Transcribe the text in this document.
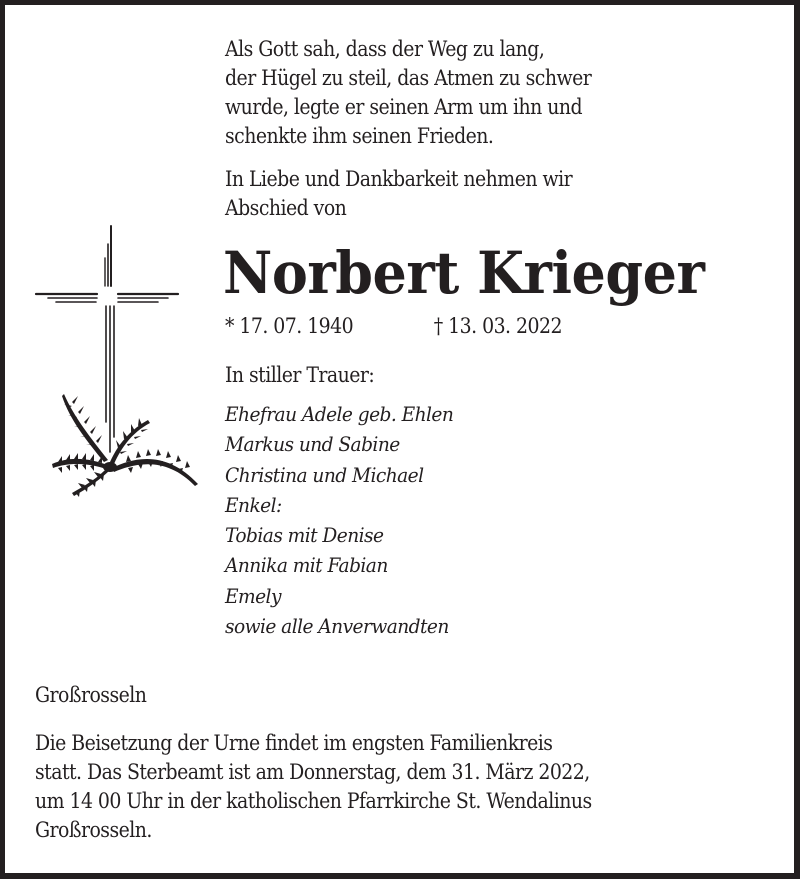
Als Gott sah, dass der Weg zu lang,
der Hügel zu steil, das Atmen zu schwer
wurde, legte er seinen Arm um ihn und
schenkte ihm seinen Frieden.
In Liebe und Dankbarkeit nehmen wir
Abschied von
Norbert Krieger
* 17. 07. 1940	† 13. 03. 2022
In stiller Trauer:
Ehefrau Adele geb. Ehlen
Markus und Sabine
Christina und Michael
Enkel:
Tobias mit Denise
Annika mit Fabian
Emely
sowie alle Anverwandten
Großrosseln
Die Beisetzung der Urne findet im engsten Familienkreis
statt. Das Sterbeamt ist am Donnerstag, dem 31. März 2022,
um 14 00 Uhr in der katholischen Pfarrkirche St. Wendalinus
Großrosseln.
